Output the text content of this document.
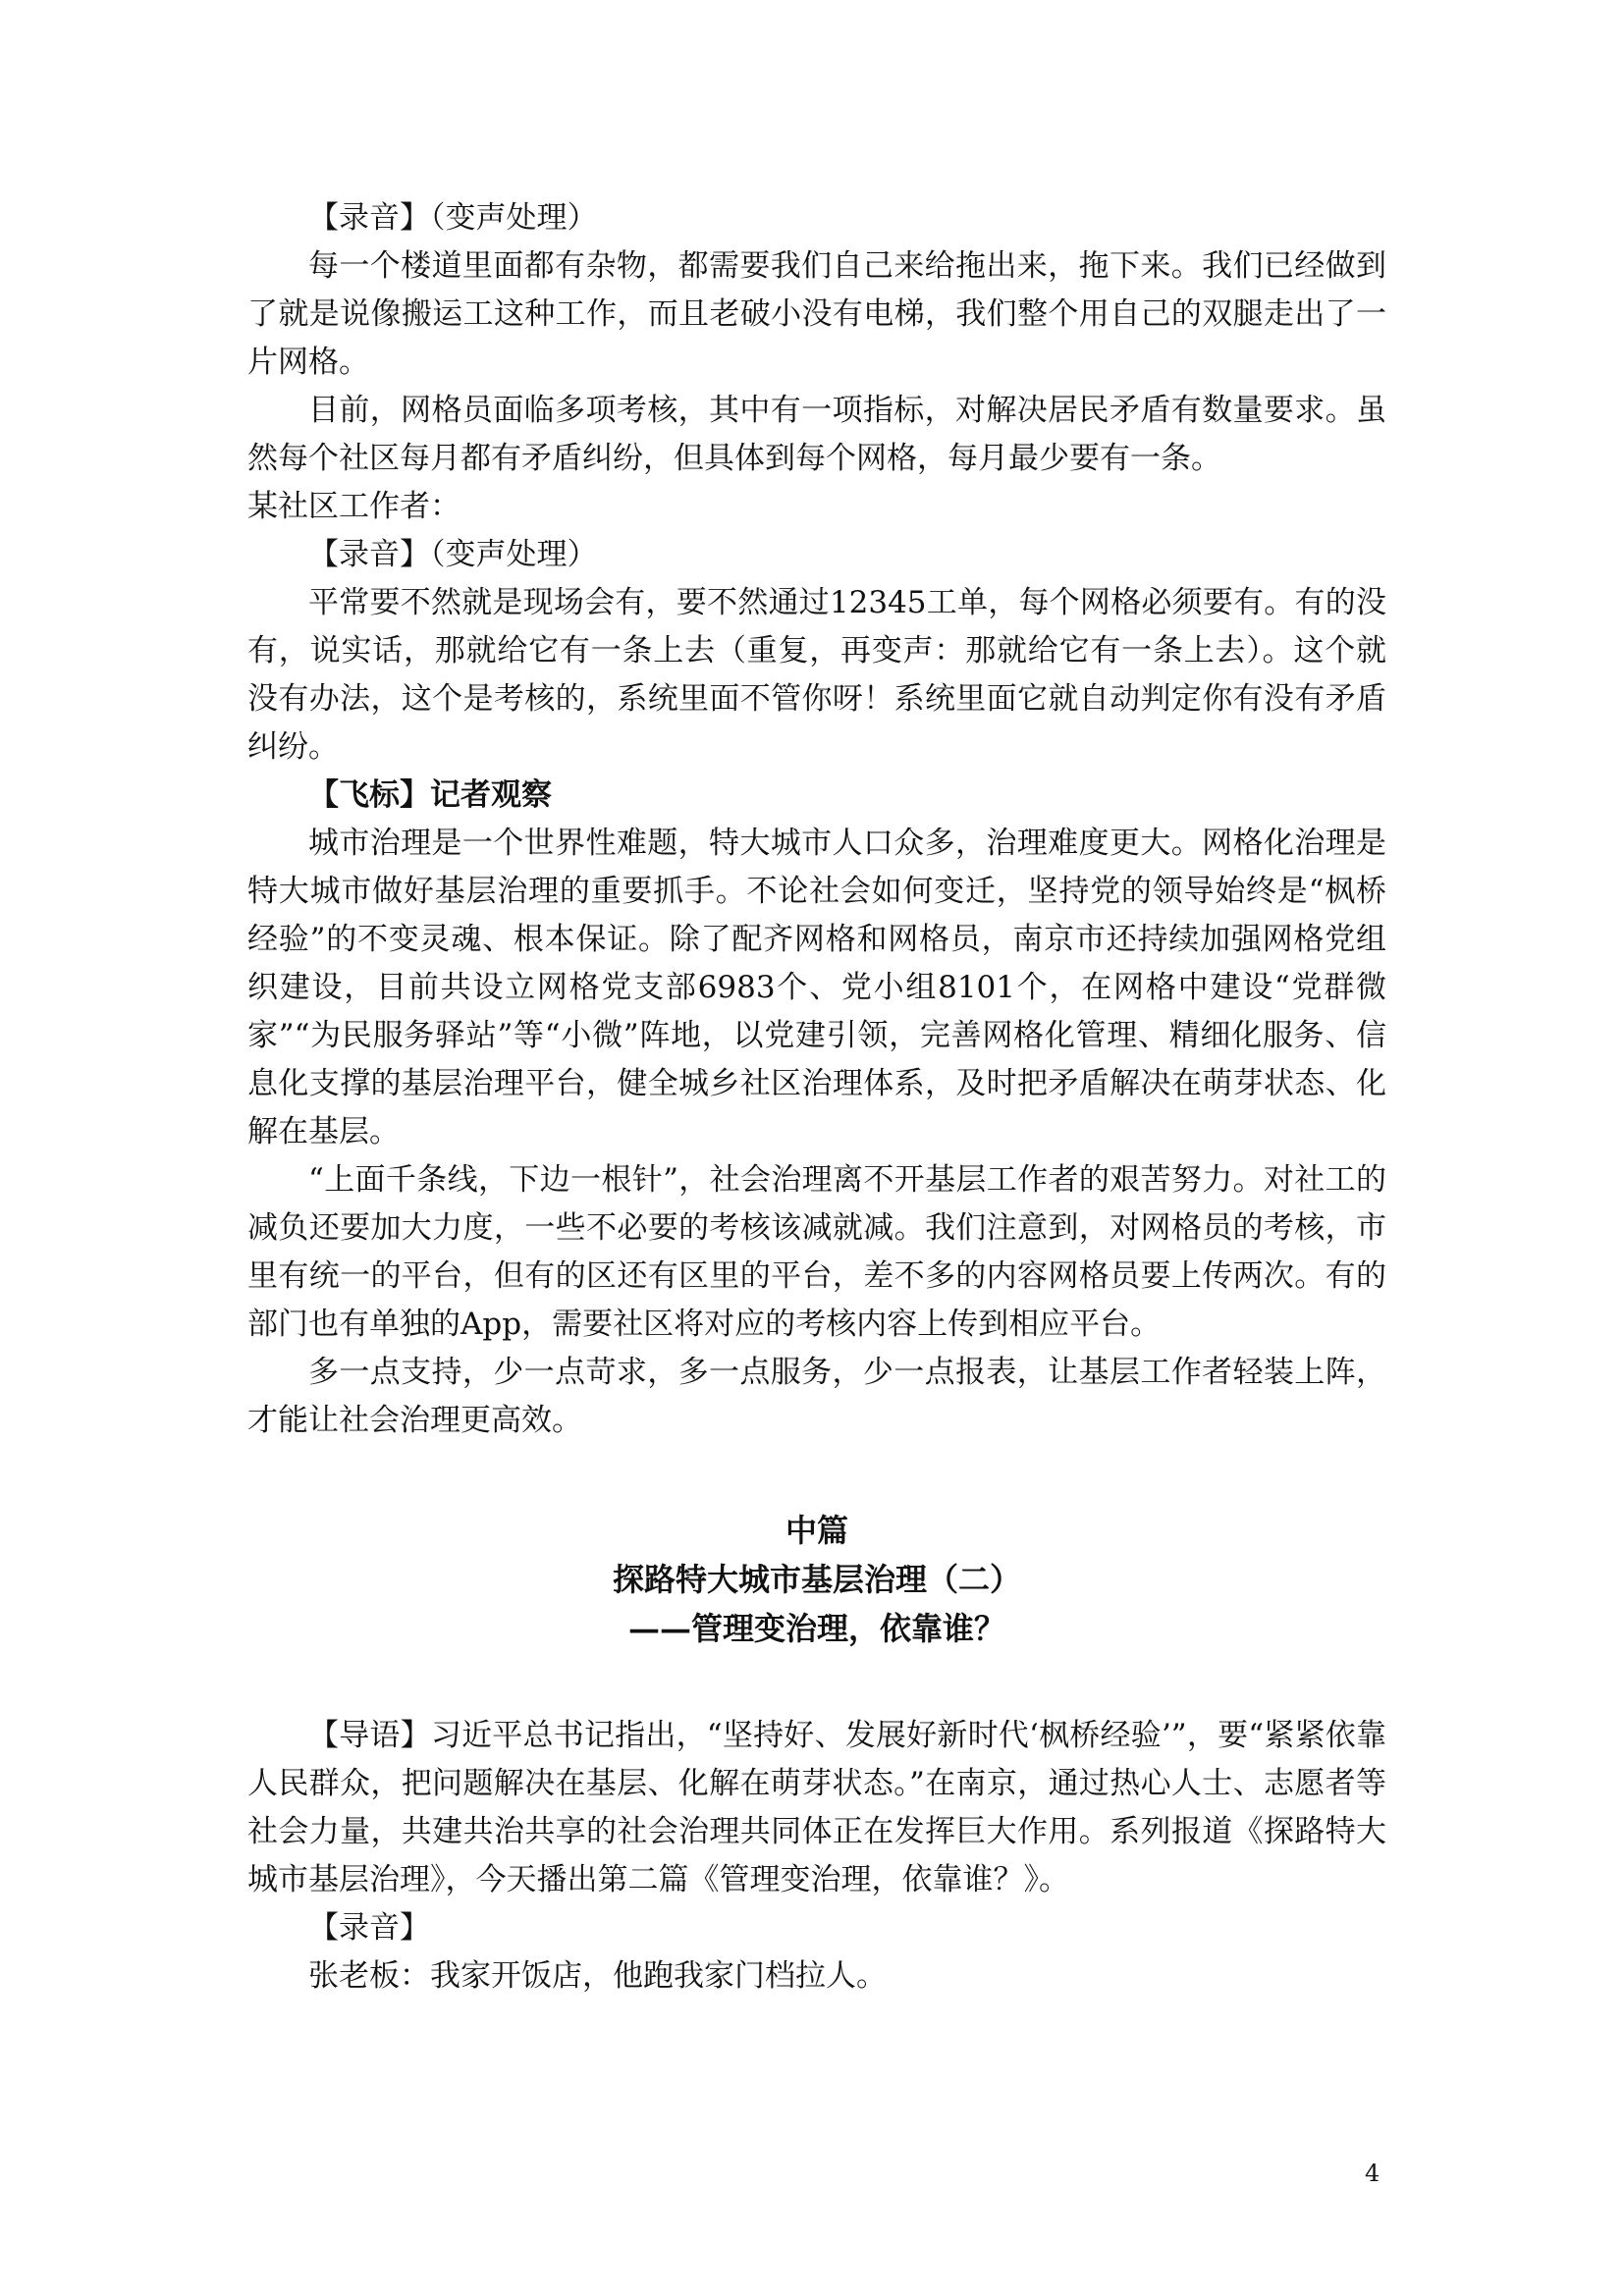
【录音】（变声处理）

每一个楼道里面都有杂物，都需要我们自己来给拖出来，拖下来。我们已经做到了就是说像搬运工这种工作，而且老破小没有电梯，我们整个用自己的双腿走出了一片网格。

目前，网格员面临多项考核，其中有一项指标，对解决居民矛盾有数量要求。虽然每个社区每月都有矛盾纠纷，但具体到每个网格，每月最少要有一条。

某社区工作者：

【录音】（变声处理）

平常要不然就是现场会有，要不然通过12345工单，每个网格必须要有。有的没有，说实话，那就给它有一条上去（重复，再变声：那就给它有一条上去）。这个就没有办法，这个是考核的，系统里面不管你呀！系统里面它就自动判定你有没有矛盾纠纷。

【飞标】记者观察

城市治理是一个世界性难题，特大城市人口众多，治理难度更大。网格化治理是特大城市做好基层治理的重要抓手。不论社会如何变迁，坚持党的领导始终是“枫桥经验”的不变灵魂、根本保证。除了配齐网格和网格员，南京市还持续加强网格党组织建设，目前共设立网格党支部6983个、党小组8101个，在网格中建设“党群微家”“为民服务驿站”等“小微”阵地，以党建引领，完善网格化管理、精细化服务、信息化支撑的基层治理平台，健全城乡社区治理体系，及时把矛盾解决在萌芽状态、化解在基层。

“上面千条线，下边一根针”，社会治理离不开基层工作者的艰苦努力。对社工的减负还要加大力度，一些不必要的考核该减就减。我们注意到，对网格员的考核，市里有统一的平台，但有的区还有区里的平台，差不多的内容网格员要上传两次。有的部门也有单独的App，需要社区将对应的考核内容上传到相应平台。

多一点支持，少一点苛求，多一点服务，少一点报表，让基层工作者轻装上阵，才能让社会治理更高效。

中篇
探路特大城市基层治理（二）
——管理变治理，依靠谁？

【导语】习近平总书记指出，“坚持好、发展好新时代‘枫桥经验’”，要“紧紧依靠人民群众，把问题解决在基层、化解在萌芽状态。”在南京，通过热心人士、志愿者等社会力量，共建共治共享的社会治理共同体正在发挥巨大作用。系列报道《探路特大城市基层治理》，今天播出第二篇《管理变治理，依靠谁？》。

【录音】

张老板：我家开饭店，他跑我家门档拉人。

4
